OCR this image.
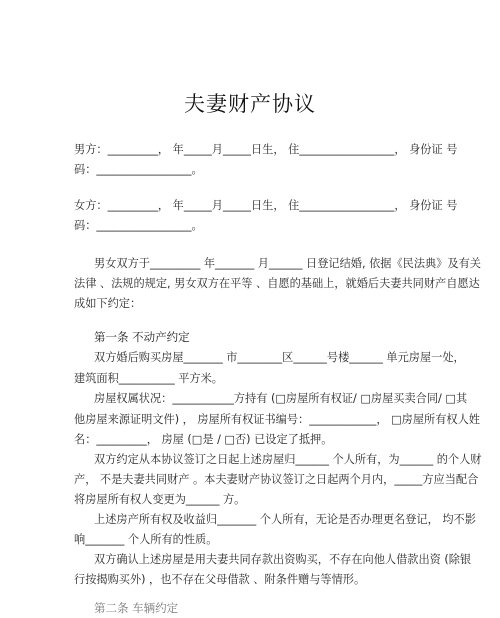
夫妻财产协议
男方：_________， 年_____月_____日生， 住_________________， 身份证 号
码：_________________。
女方：_________， 年_____月_____日生， 住_________________， 身份证 号
码：_________________。
男女双方于_________ 年_______ 月______ 日登记结婚, 依据《民法典》及有关
法律 、法规的规定, 男女双方在平等 、自愿的基础上，就婚后夫妻共同财产自愿达
成如下约定：
第一条 不动产约定
双方婚后购买房屋_______ 市________区______号楼______ 单元房屋一处，
建筑面积__________ 平方米。
房屋权属状况：___________方持有 (□房屋所有权证/ □房屋买卖合同/ □其
他房屋来源证明文件) ， 房屋所有权证书编号：____________， □房屋所有权人姓
名：_________， 房屋 (□是 / □否) 已设定了抵押。
双方约定从本协议签订之日起上述房屋归______ 个人所有，为______ 的个人财
产， 不是夫妻共同财产 。本夫妻财产协议签订之日起两个月内，_____方应当配合
将房屋所有权人变更为______ 方。
上述房产所有权及收益归_______ 个人所有，无论是否办理更名登记， 均不影
响_______ 个人所有的性质。
双方确认上述房屋是用夫妻共同存款出资购买，不存在向他人借款出资 (除银
行按揭购买外) ，也不存在父母借款 、附条件赠与等情形。
第二条 车辆约定
